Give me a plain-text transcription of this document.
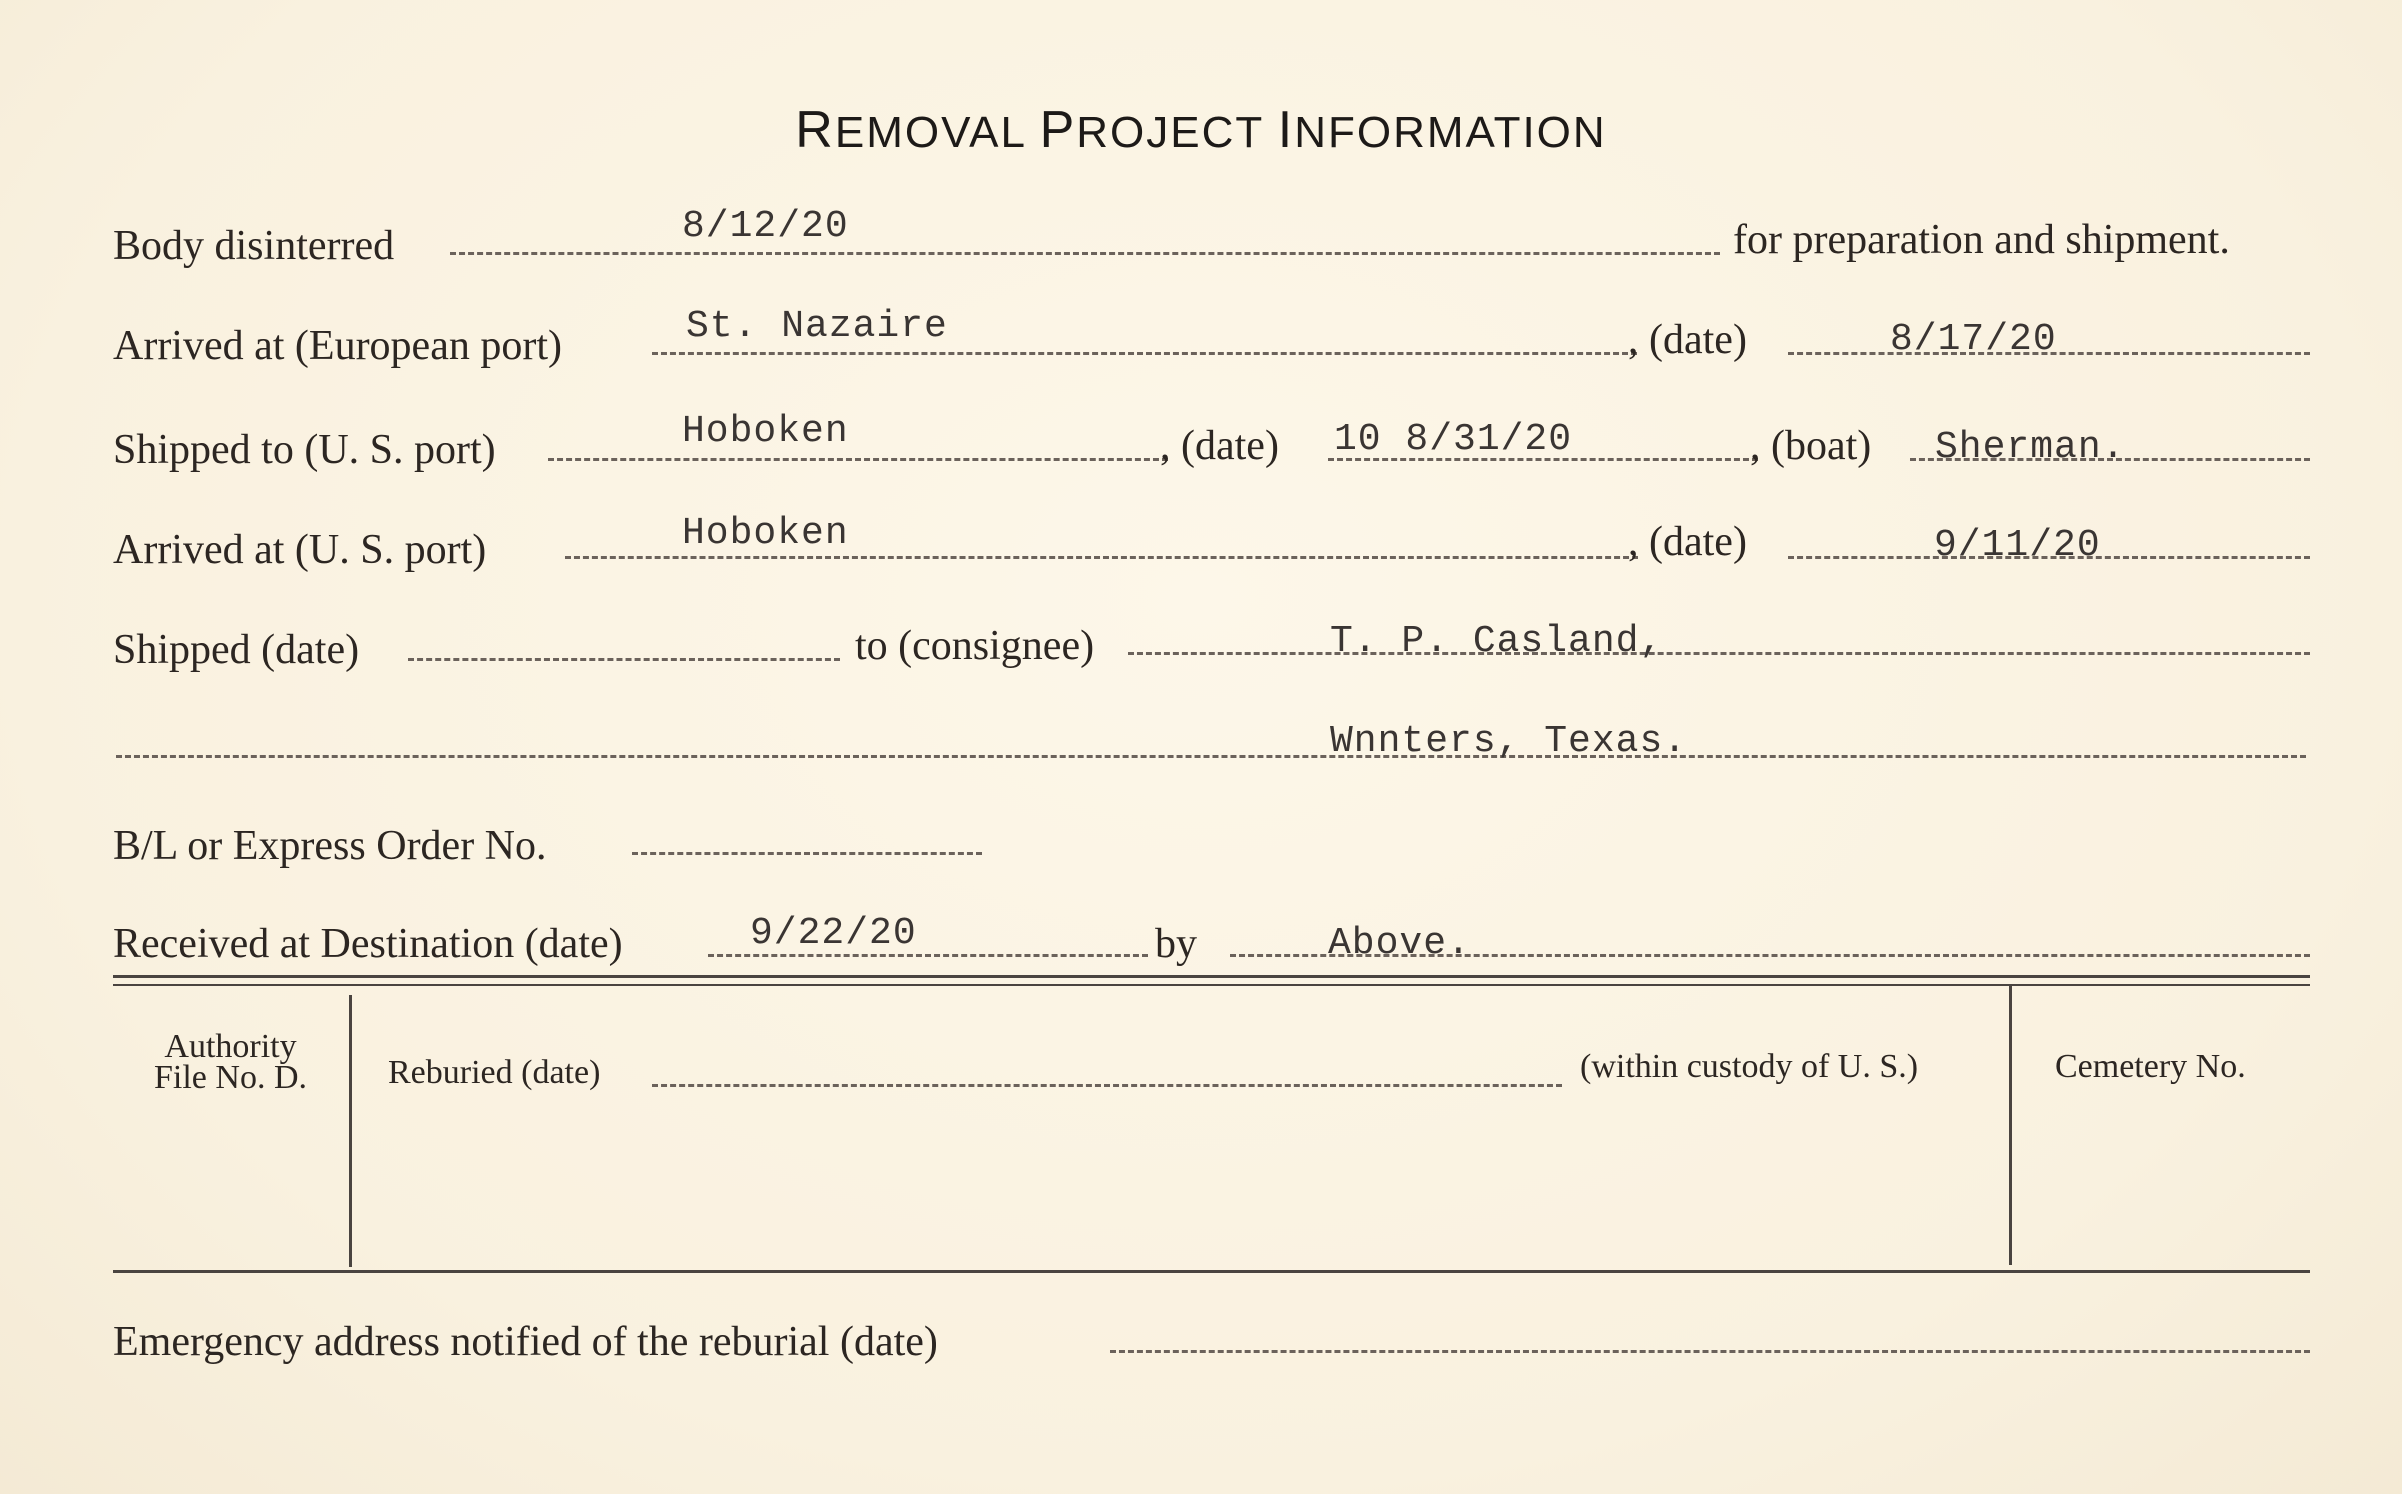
REMOVAL PROJECT INFORMATION
Body disinterred	8/12/20	for preparation and shipment.
Arrived at (European port)	St. Nazaire	, (date)	8/17/20
Shipped to (U. S. port)	Hoboken	, (date) 10 8/31/20	, (boat) Sherman.
Arrived at (U. S. port)	Hoboken	, (date)	9/11/20
Shipped (date)	to (consignee)	T. P. Casland,
Wnnters, Texas.
B/L or Express Order No.
Received at Destination (date)	9/22/20	by	Above.
Authority
File No. D.	Reburied (date)	(within custody of U. S.)	Cemetery No.
Emergency address notified of the reburial (date)
